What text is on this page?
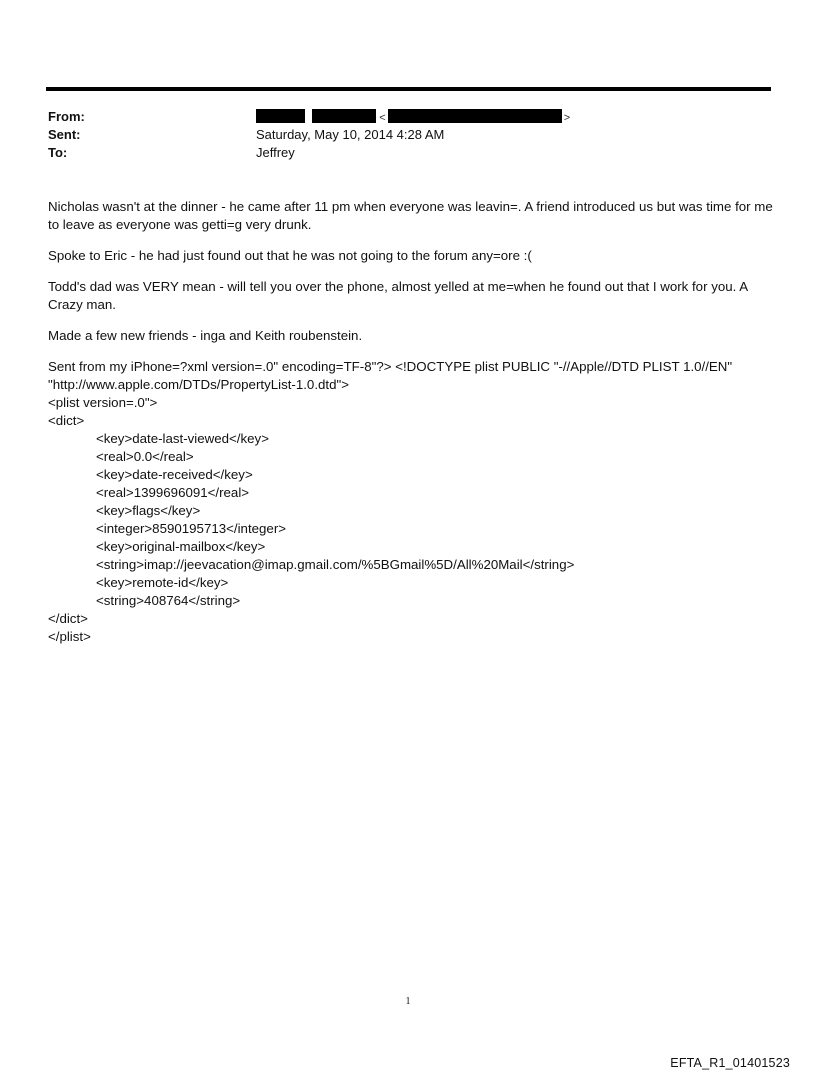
From:	<	>
Sent:	Saturday, May 10, 2014 4:28 AM
To:	Jeffrey

Nicholas wasn't at the dinner - he came after 11 pm when everyone was leavin=. A friend introduced us but was time for me to leave as everyone was getti=g very drunk.

Spoke to Eric - he had just found out that he was not going to the forum any=ore :(

Todd's dad was VERY mean - will tell you over the phone, almost yelled at me=when he found out that I work for you. A Crazy man.

Made a few new friends - inga and Keith roubenstein.

Sent from my iPhone=?xml version=.0" encoding=TF-8"?> <!DOCTYPE plist PUBLIC "-//Apple//DTD PLIST 1.0//EN" "http://www.apple.com/DTDs/PropertyList-1.0.dtd">

<plist version=.0">
<dict>
<key>date-last-viewed</key>
<real>0.0</real>
<key>date-received</key>
<real>1399696091</real>
<key>flags</key>
<integer>8590195713</integer>
<key>original-mailbox</key>
<string>imap://jeevacation@imap.gmail.com/%5BGmail%5D/All%20Mail</string>
<key>remote-id</key>
<string>408764</string>
</dict>
</plist>
1
EFTA_R1_01401523
